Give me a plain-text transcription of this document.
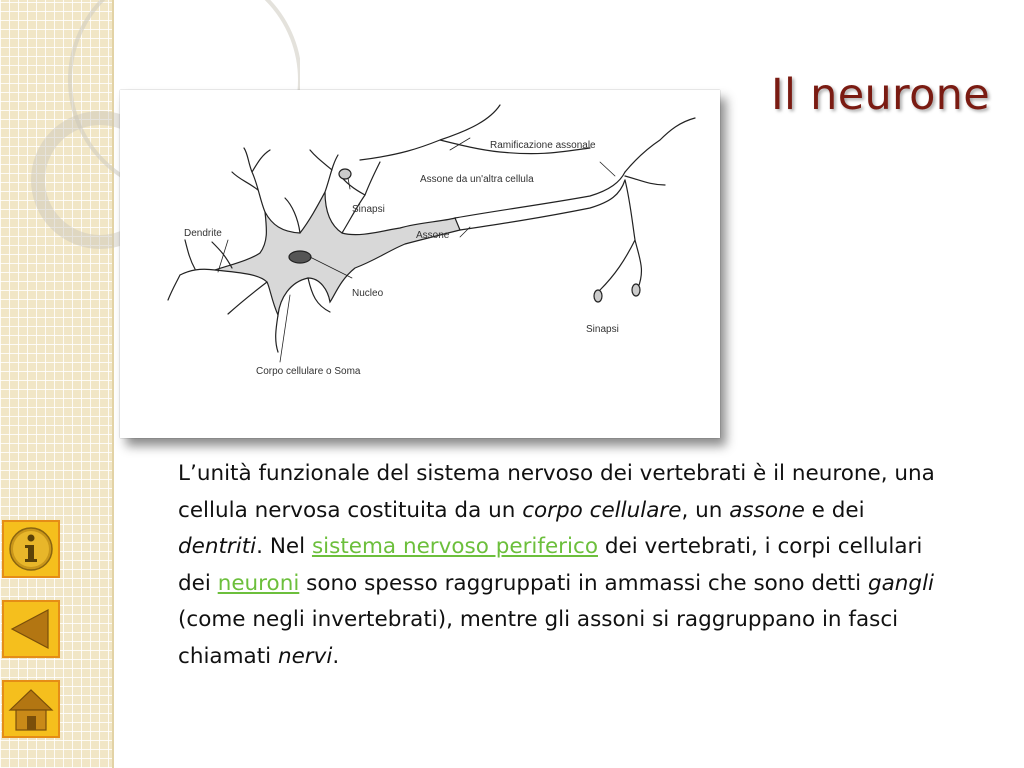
Il neurone
Ramificazione assonale
Assone da un'altra cellula
Sinapsi
Dendrite	Assone
Nucleo
Sinapsi
Corpo cellulare o Soma

L’unità funzionale del sistema nervoso dei vertebrati è il neurone, una cellula nervosa costituita da un corpo cellulare, un assone e dei dentriti. Nel sistema nervoso periferico dei vertebrati, i corpi cellulari dei neuroni sono spesso raggruppati in ammassi che sono detti gangli (come negli invertebrati), mentre gli assoni si raggruppano in fasci chiamati nervi.
